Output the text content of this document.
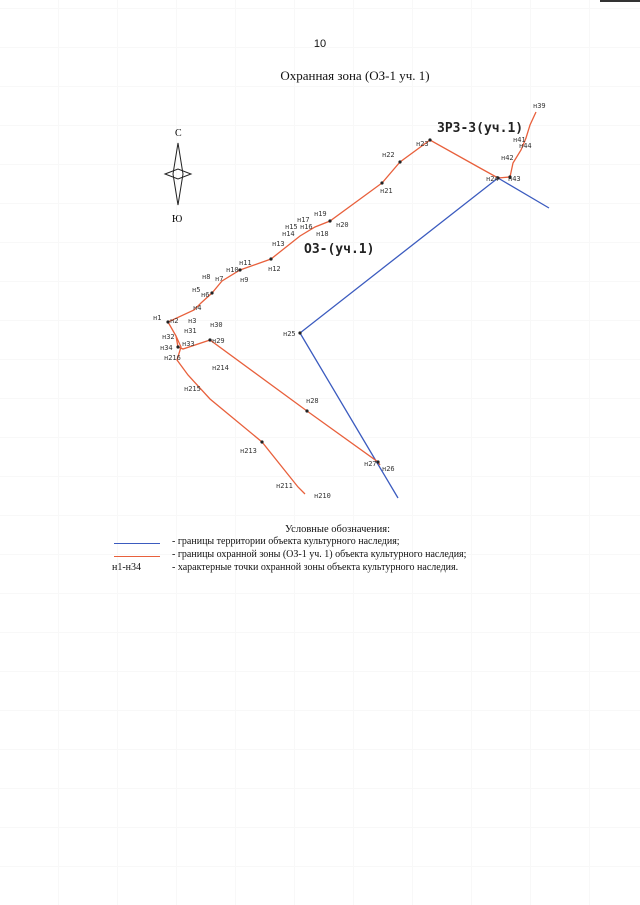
10
Охранная зона (ОЗ-1 уч. 1)
С
Ю
н1 н2 н3
н4
н5
н6
н7
н8	н9
н10
н11
н12
н13
н14
н15 н16
н17
н18
н19
н20
н21
н22
н23
н24
н25
н26
н27
н28
н29
н30
н31
н32
н33
н34
н39
н41
н42
н43
н44
н210
н211
н213
н214
н215
н216
ОЗ-(уч.1)
ЗРЗ-3(уч.1)
Условные обозначения:
- границы территории объекта культурного наследия;
- границы охранной зоны (ОЗ-1 уч. 1) объекта культурного наследия;
н1-н34	- характерные точки охранной зоны объекта культурного наследия.
